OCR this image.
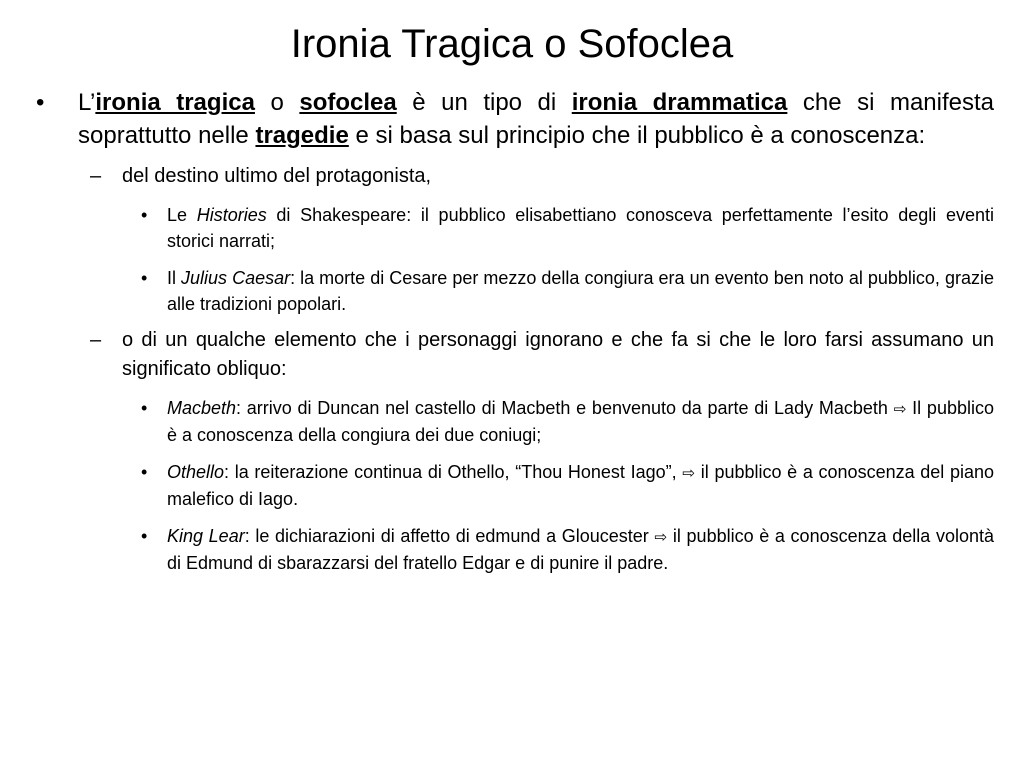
Ironia Tragica o Sofoclea
• L’ironia tragica o sofoclea è un tipo di ironia drammatica che si manifesta soprattutto nelle tragedie e si basa sul principio che il pubblico è a conoscenza:
– del destino ultimo del protagonista,
• Le Histories di Shakespeare: il pubblico elisabettiano conosceva perfettamente l’esito degli eventi storici narrati;
• Il Julius Caesar: la morte di Cesare per mezzo della congiura era un evento ben noto al pubblico, grazie alle tradizioni popolari.
– o di un qualche elemento che i personaggi ignorano e che fa si che le loro farsi assumano un significato obliquo:
• Macbeth: arrivo di Duncan nel castello di Macbeth e benvenuto da parte di Lady Macbeth ⇨ Il pubblico è a conoscenza della congiura dei due coniugi;
• Othello: la reiterazione continua di Othello, “Thou Honest Iago”, ⇨ il pubblico è a conoscenza del piano malefico di Iago.
• King Lear: le dichiarazioni di affetto di edmund a Gloucester ⇨ il pubblico è a conoscenza della volontà di Edmund di sbarazzarsi del fratello Edgar e di punire il padre.
